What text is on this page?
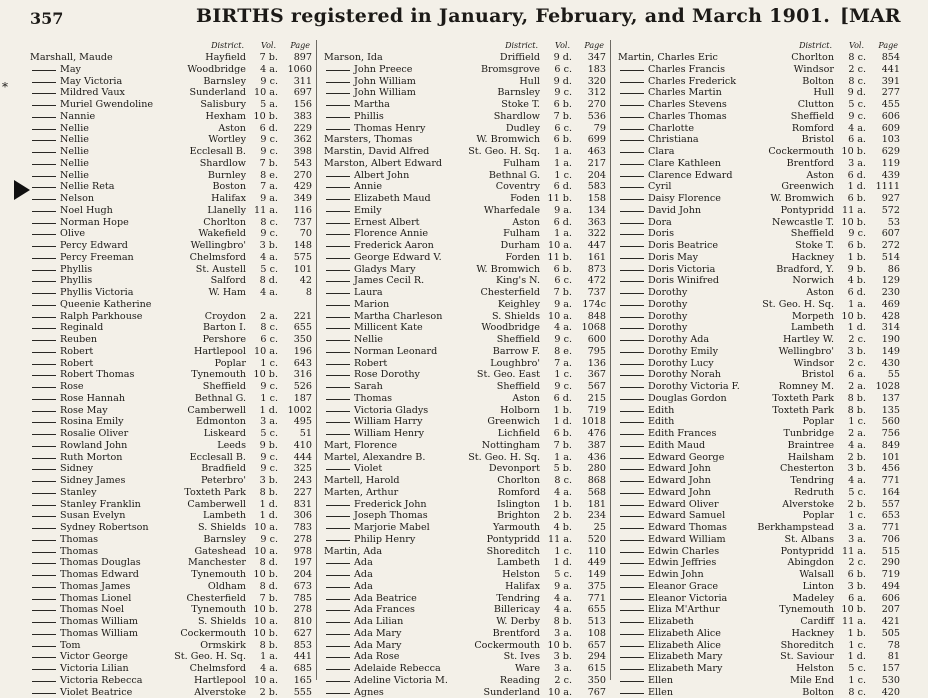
357	BIRTHS registered in January, February, and March 1901. [MAR
*
District. Vol. Page
Marshall, Maude	Hayfield 7 b. 897
May	Woodbridge 4 a. 1060
May Victoria	Barnsley 9 c. 311
Mildred Vaux	Sunderland 10 a. 697
Muriel Gwendoline	Salisbury 5 a. 156
Nannie	Hexham 10 b. 383
Nellie	Aston 6 d. 229
Nellie	Wortley 9 c. 362
Nellie	Ecclesall B. 9 c. 398
Nellie	Shardlow 7 b. 543
Nellie	Burnley 8 e. 270
Nellie Reta	Boston 7 a. 429
Nelson	Halifax 9 a. 349
Noel Hugh	Llanelly 11 a. 116
Norman Hope	Chorlton 8 c. 737
Olive	Wakefield 9 c. 70
Percy Edward	Wellingbro' 3 b. 148
Percy Freeman	Chelmsford 4 a. 575
Phyllis	St. Austell 5 c. 101
Phyllis	Salford 8 d. 42
Phyllis Victoria	W. Ham 4 a.	8
Queenie Katherine
Ralph Parkhouse	Croydon 2 a. 221
Reginald	Barton I. 8 c. 655
Reuben	Pershore 6 c. 350
Robert	Hartlepool 10 a. 196
Robert	Poplar 1 c. 643
Robert Thomas	Tynemouth 10 b. 316
Rose	Sheffield 9 c. 526
Rose Hannah	Bethnal G. 1 c. 187
Rose May	Camberwell 1 d. 1002
Rosina Emily	Edmonton 3 a. 495
Rosalie Oliver	Liskeard 5 c. 51
Rowland John	Leeds 9 b. 410
Ruth Morton	Ecclesall B. 9 c. 444
Sidney	Bradfield 9 c. 325
Sidney James	Peterbro' 3 b. 243
Stanley	Toxteth Park 8 b. 227
Stanley Franklin	Camberwell 1 d. 831
Susan Evelyn	Lambeth 1 d. 306
Sydney Robertson	S. Shields 10 a. 783
Thomas	Barnsley 9 c. 278
Thomas	Gateshead 10 a. 978
Thomas Douglas	Manchester 8 d. 197
Thomas Edward	Tynemouth 10 b. 204
Thomas James	Oldham 8 d. 673
Thomas Lionel	Chesterfield 7 b. 785
Thomas Noel	Tynemouth 10 b. 278
Thomas William	S. Shields 10 a. 810
Thomas William	Cockermouth 10 b. 627
Tom	Ormskirk 8 b. 853
Victor George	St. Geo. H. Sq. 1 a. 441
Victoria Lilian	Chelmsford 4 a. 685
Victoria Rebecca	Hartlepool 10 a. 165
Violet Beatrice	Alverstoke 2 b. 555
District. Vol. Page
Marson, Ida	Driffield 9 d. 347
John Preece	Bromsgrove 6 c. 183
John William	Hull 9 d. 320
John William	Barnsley 9 c. 312
Martha	Stoke T. 6 b. 270
Phillis	Shardlow 7 b. 536
Thomas Henry	Dudley 6 c. 79
Marsters, Thomas	W. Bromwich 6 b. 699
Marstin, David Alfred	St. Geo. H. Sq. 1 a. 463
Marston, Albert Edward	Fulham 1 a. 217
Albert John	Bethnal G. 1 c. 204
Annie	Coventry 6 d. 583
Elizabeth Maud	Foden 11 b. 158
Emily	Wharfedale 9 a. 134
Ernest Albert	Aston 6 d. 363
Florence Annie	Fulham 1 a. 322
Frederick Aaron	Durham 10 a. 447
George Edward V.	Forden 11 b. 161
Gladys Mary	W. Bromwich 6 b. 873
James Cecil R.	King's N. 6 c. 472
Laura	Chesterfield 7 b. 737
Marion	Keighley 9 a. 174c
Martha Charleson	S. Shields 10 a. 848
Millicent Kate	Woodbridge 4 a. 1068
Nellie	Sheffield 9 c. 600
Norman Leonard	Barrow F. 8 e. 795
Robert	Loughbro' 7 a. 136
Rose Dorothy	St. Geo. East 1 c. 367
Sarah	Sheffield 9 c. 567
Thomas	Aston 6 d. 215
Victoria Gladys	Holborn 1 b. 719
William Harry	Greenwich 1 d. 1018
William Henry	Lichfield 6 b. 476
Mart, Florence	Nottingham 7 b. 387
Martel, Alexandre B.	St. Geo. H. Sq. 1 a. 436
Violet	Devonport 5 b. 280
Martell, Harold	Chorlton 8 c. 868
Marten, Arthur	Romford 4 a. 568
Frederick John	Islington 1 b. 181
Joseph Thomas	Brighton 2 b. 234
Marjorie Mabel	Yarmouth 4 b. 25
Philip Henry	Pontypridd 11 a. 520
Martin, Ada	Shoreditch 1 c. 110
Ada	Lambeth 1 d. 449
Ada	Helston 5 c. 149
Ada	Halifax 9 a. 375
Ada Beatrice	Tendring 4 a. 771
Ada Frances	Billericay 4 a. 655
Ada Lilian	W. Derby 8 b. 513
Ada Mary	Brentford 3 a. 108
Ada Mary	Cockermouth 10 b. 657
Ada Rose	St. Ives 3 b. 294
Adelaide Rebecca	Ware 3 a. 615
Adeline Victoria M.	Reading 2 c. 350
Agnes	Sunderland 10 a. 767
District. Vol. Page
Martin, Charles Eric	Chorlton 8 c. 854
Charles Francis	Windsor 2 c. 441
Charles Frederick	Bolton 8 c. 391
Charles Martin	Hull 9 d. 277
Charles Stevens	Clutton 5 c. 455
Charles Thomas	Sheffield 9 c. 606
Charlotte	Romford 4 a. 609
Christiana	Bristol 6 a. 103
Clara	Cockermouth 10 b. 629
Clare Kathleen	Brentford 3 a. 119
Clarence Edward	Aston 6 d. 439
Cyril	Greenwich 1 d. 1111
Daisy Florence	W. Bromwich 6 b. 927
David John	Pontypridd 11 a. 572
Dora	Newcastle T. 10 b. 53
Doris	Sheffield 9 c. 607
Doris Beatrice	Stoke T. 6 b. 272
Doris May	Hackney 1 b. 514
Doris Victoria	Bradford, Y. 9 b. 86
Doris Winifred	Norwich 4 b. 129
Dorothy	Aston 6 d. 230
Dorothy	St. Geo. H. Sq. 1 a. 469
Dorothy	Morpeth 10 b. 428
Dorothy	Lambeth 1 d. 314
Dorothy Ada	Hartley W. 2 c. 190
Dorothy Emily	Wellingbro' 3 b. 149
Dorothy Lucy	Windsor 2 c. 430
Dorothy Norah	Bristol 6 a. 55
Dorothy Victoria F.	Romney M. 2 a. 1028
Douglas Gordon	Toxteth Park 8 b. 137
Edith	Toxteth Park 8 b. 135
Edith	Poplar 1 c. 560
Edith Frances	Tunbridge 2 a. 756
Edith Maud	Braintree 4 a. 849
Edward George	Hailsham 2 b. 101
Edward John	Chesterton 3 b. 456
Edward John	Tendring 4 a. 771
Edward John	Redruth 5 c. 164
Edward Oliver	Alverstoke 2 b. 557
Edward Samuel	Poplar 1 c. 653
Edward Thomas	Berkhampstead 3 a. 771
Edward William	St. Albans 3 a. 706
Edwin Charles	Pontypridd 11 a. 515
Edwin Jeffries	Abingdon 2 c. 290
Edwin John	Walsall 6 b. 719
Eleanor Grace	Linton 3 b. 494
Eleanor Victoria	Madeley 6 a. 606
Eliza M'Arthur	Tynemouth 10 b. 207
Elizabeth	Cardiff 11 a. 421
Elizabeth Alice	Hackney 1 b. 505
Elizabeth Alice	Shoreditch 1 c. 78
Elizabeth Mary	St. Saviour 1 d. 81
Elizabeth Mary	Helston 5 c. 157
Ellen	Mile End 1 c. 530
Ellen	Bolton 8 c. 420
